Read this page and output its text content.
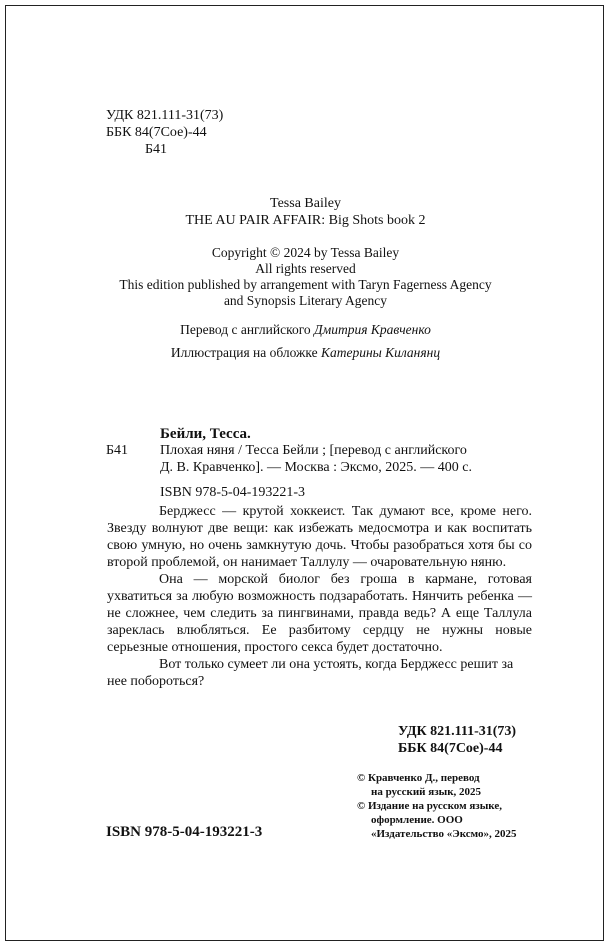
УДК 821.111-31(73)
ББК 84(7Сое)-44
Б41
Tessa Bailey
THE AU PAIR AFFAIR: Big Shots book 2
Copyright © 2024 by Tessa Bailey
All rights reserved
This edition published by arrangement with Taryn Fagerness Agency
and Synopsis Literary Agency
Перевод с английского Дмитрия Кравченко
Иллюстрация на обложке Катерины Киланянц
Бейли, Тесса.
Б41 Плохая няня / Тесса Бейли ; [перевод с английского
Д. В. Кравченко]. — Москва : Эксмо, 2025. — 400 с.
ISBN 978-5-04-193221-3

Берджесс — крутой хоккеист. Так думают все, кроме него. Звезду волнуют две вещи: как избежать медосмотра и как воспитать свою умную, но очень замкнутую дочь. Чтобы разобраться хотя бы со второй проблемой, он нанимает Таллулу — очаровательную няню.

Она — морской биолог без гроша в кармане, готовая ухватиться за любую возможность подзаработать. Нянчить ребенка — не сложнее, чем следить за пингвинами, правда ведь? А еще Таллула зареклась влюбляться. Ее разбитому сердцу не нужны новые серьезные отношения, простого секса будет достаточно.

Вот только сумеет ли она устоять, когда Берджесс решит за нее побороться?

УДК 821.111-31(73)
ББК 84(7Сое)-44
© Кравченко Д., перевод
на русский язык, 2025
© Издание на русском языке,
оформление. ООО
«Издательство «Эксмо», 2025
ISBN 978-5-04-193221-3
